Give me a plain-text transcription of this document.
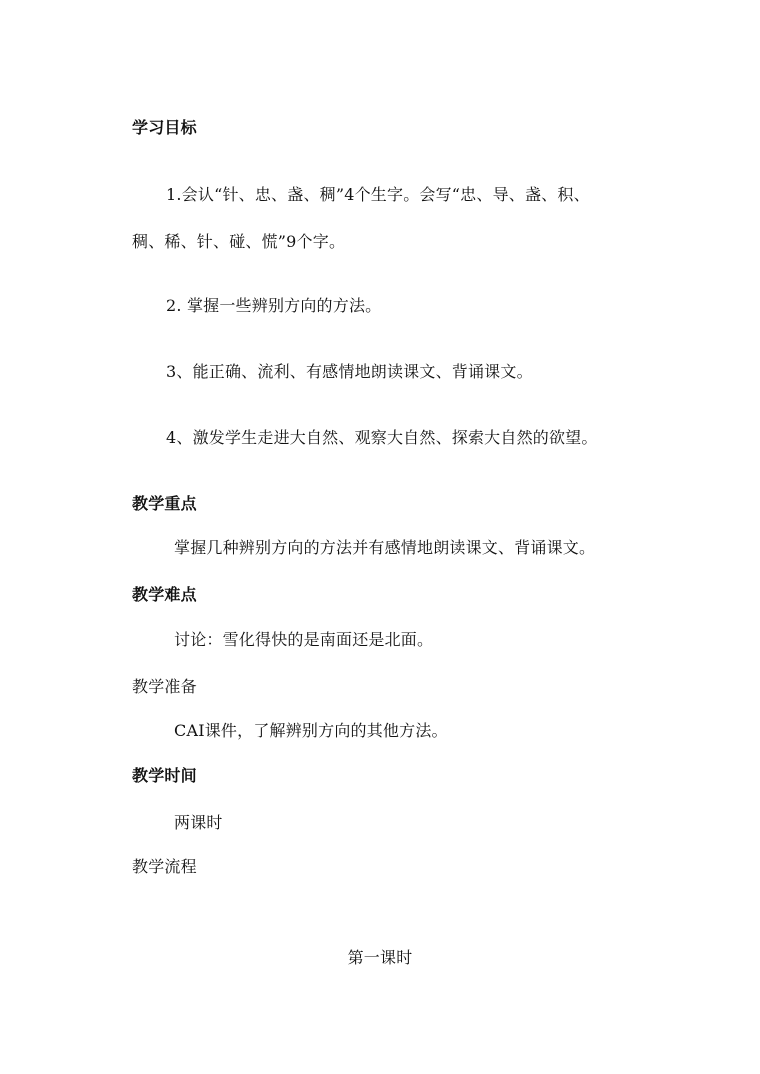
学习目标
1.会认“针、忠、盏、稠”4个生字。会写“忠、导、盏、积、
稠、稀、针、碰、慌”9个字。
2. 掌握一些辨别方向的方法。
3、能正确、流利、有感情地朗读课文、背诵课文。
4、激发学生走进大自然、观察大自然、探索大自然的欲望。
教学重点
掌握几种辨别方向的方法并有感情地朗读课文、背诵课文。
教学难点
讨论：雪化得快的是南面还是北面。
教学准备
CAI课件，了解辨别方向的其他方法。
教学时间
两课时
教学流程
第一课时
